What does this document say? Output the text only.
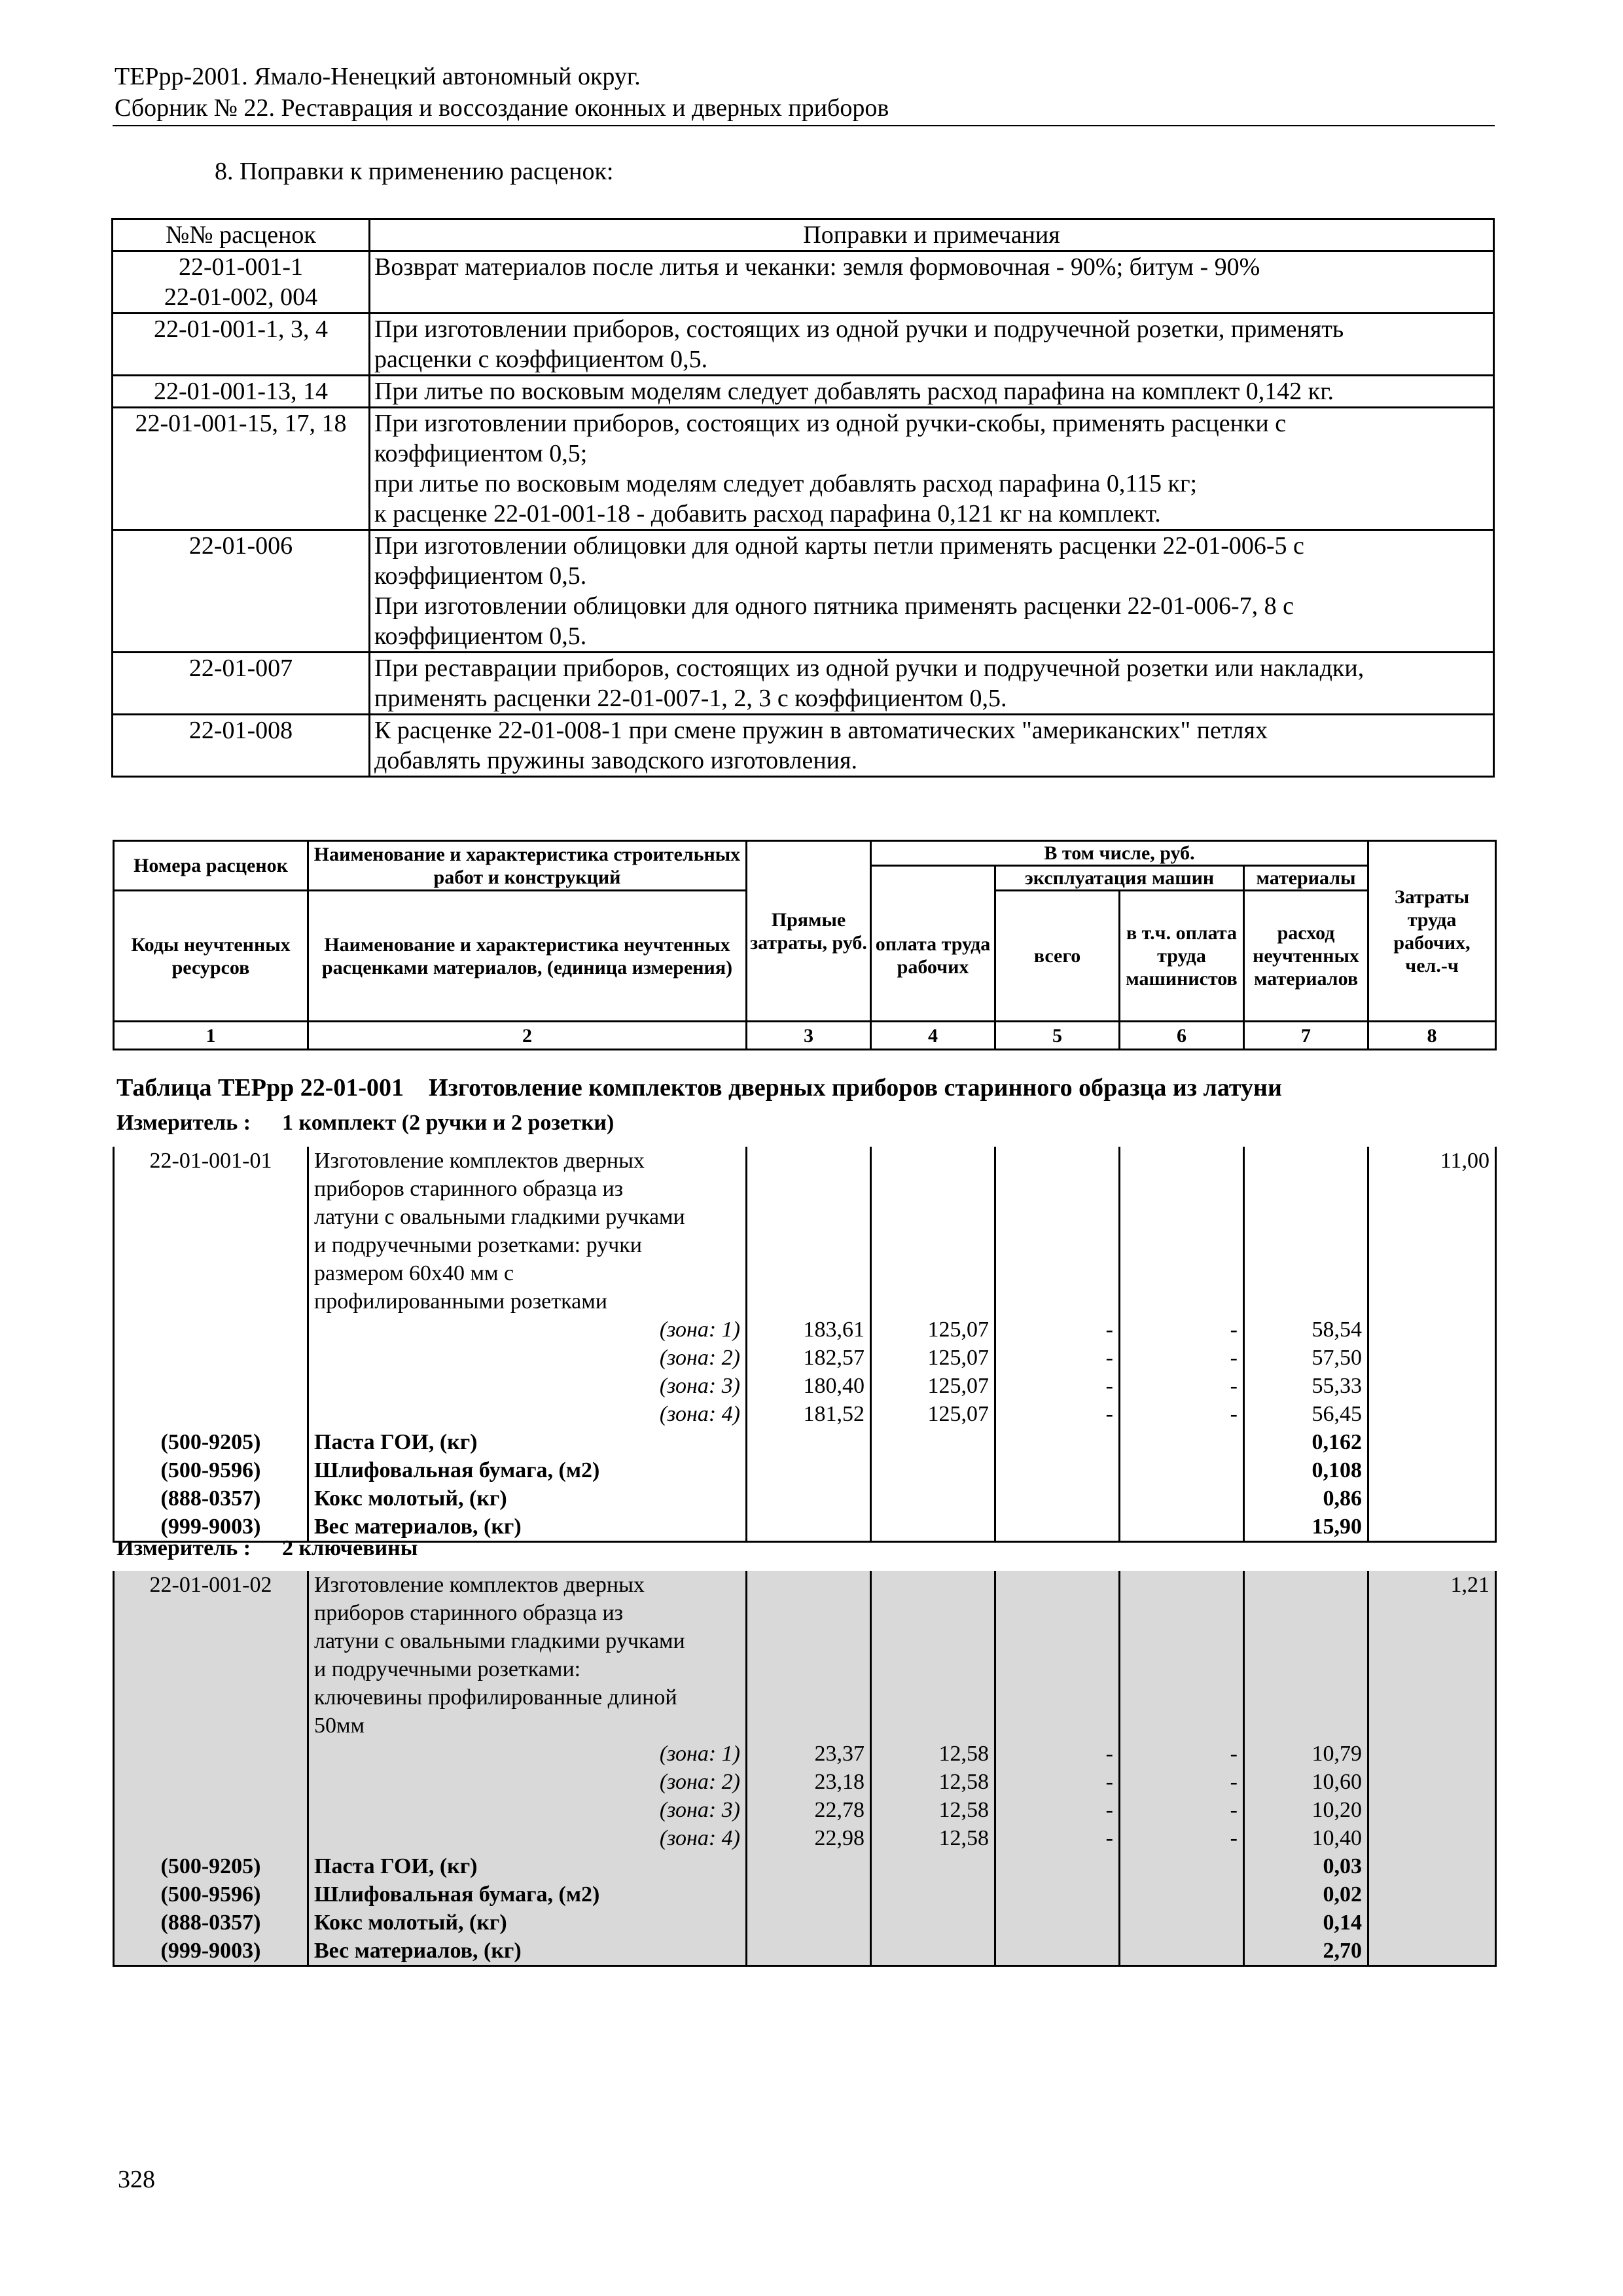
ТЕРрр-2001. Ямало-Ненецкий автономный округ.
Сборник № 22. Реставрация и воссоздание оконных и дверных приборов
8. Поправки к применению расценок:
№№ расценок	Поправки и примечания

22-01-001-1
22-01-002, 004	Возврат материалов после литья и чеканки: земля формовочная - 90%; битум - 90%

22-01-001-1, 3, 4	При изготовлении приборов, состоящих из одной ручки и подручечной розетки, применять
расценки с коэффициентом 0,5.

22-01-001-13, 14	При литье по восковым моделям следует добавлять расход парафина на комплект 0,142 кг.

22-01-001-15, 17, 18	При изготовлении приборов, состоящих из одной ручки-скобы, применять расценки с
коэффициентом 0,5;
при литье по восковым моделям следует добавлять расход парафина 0,115 кг;
к расценке 22-01-001-18 - добавить расход парафина 0,121 кг на комплект.

22-01-006	При изготовлении облицовки для одной карты петли применять расценки 22-01-006-5 с
коэффициентом 0,5.
При изготовлении облицовки для одного пятника применять расценки 22-01-006-7, 8 с
коэффициентом 0,5.

22-01-007	При реставрации приборов, состоящих из одной ручки и подручечной розетки или накладки,
применять расценки 22-01-007-1, 2, 3 с коэффициентом 0,5.

22-01-008	К расценке 22-01-008-1 при смене пружин в автоматических "американских" петлях
добавлять пружины заводского изготовления.
Номера расценок	Наименование и характеристика строительных работ и конструкций	Прямые затраты, руб.	В том числе, руб.				Затраты труда рабочих, чел.-ч
				эксплуатация машин		материалы	
Коды неучтенных ресурсов	Наименование и характеристика неучтенных расценками материалов, (единица измерения)		оплата труда рабочих	всего	в т.ч. оплата труда машинистов	расход неучтенных материалов	

1	2	3	4	5	6	7	8
Таблица ТЕРрр 22-01-001    Изготовление комплектов дверных приборов старинного образца из латуни
Измеритель : 1 комплект (2 ручки и 2 розетки)
22-01-001-01	Изготовление комплектов дверных						11,00
	приборов старинного образца из						
	латуни с овальными гладкими ручками						
	и подручечными розетками: ручки						
	размером 60х40 мм с						
	профилированными розетками						
	(зона: 1)	183,61	125,07	-	-	58,54	
	(зона: 2)	182,57	125,07	-	-	57,50	
	(зона: 3)	180,40	125,07	-	-	55,33	
	(зона: 4)	181,52	125,07	-	-	56,45	
(500-9205)	Паста ГОИ, (кг)					0,162	
(500-9596)	Шлифовальная бумага, (м2)					0,108	
(888-0357)	Кокс молотый, (кг)					0,86	
(999-9003)	Вес материалов, (кг)					15,90	
Измеритель : 2 ключевины
22-01-001-02	Изготовление комплектов дверных						1,21
	приборов старинного образца из						
	латуни с овальными гладкими ручками						
	и подручечными розетками:						
	ключевины профилированные длиной						
	50мм						
	(зона: 1)	23,37	12,58	-	-	10,79	
	(зона: 2)	23,18	12,58	-	-	10,60	
	(зона: 3)	22,78	12,58	-	-	10,20	
	(зона: 4)	22,98	12,58	-	-	10,40	
(500-9205)	Паста ГОИ, (кг)					0,03	
(500-9596)	Шлифовальная бумага, (м2)					0,02	
(888-0357)	Кокс молотый, (кг)					0,14	
(999-9003)	Вес материалов, (кг)					2,70	
328
